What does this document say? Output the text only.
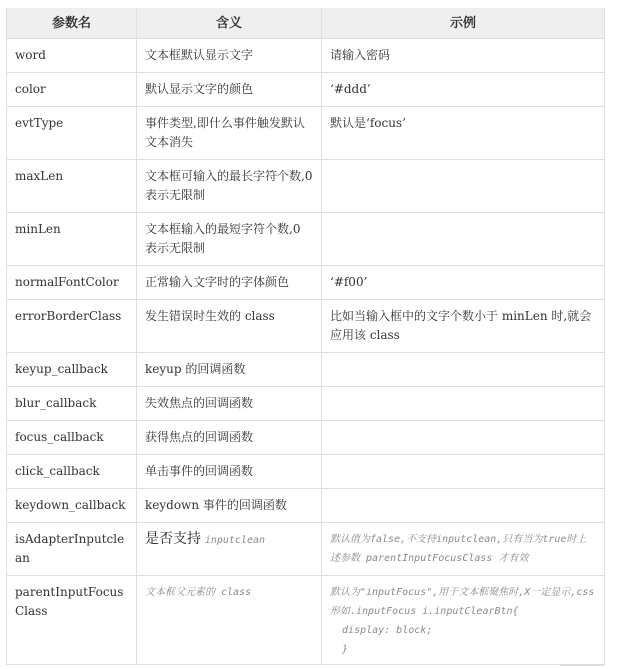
参数名	含义	示例
word	文本框默认显示文字	请输入密码
color	默认显示文字的颜色	‘#ddd’
evtType	事件类型,即什么事件触发默认文本消失	默认是‘focus’
maxLen	文本框可输入的最长字符个数,0 表示无限制	
minLen	文本框输入的最短字符个数,0 表示无限制	
normalFontColor	正常输入文字时的字体颜色	‘#f00’
errorBorderClass	发生错误时生效的 class	比如当输入框中的文字个数小于 minLen 时,就会应用该 class
keyup_callback	keyup 的回调函数	
blur_callback	失效焦点的回调函数	
focus_callback	获得焦点的回调函数	
click_callback	单击事件的回调函数	
keydown_callback	keydown 事件的回调函数	
isAdapterInputclean	是否支持 inputclean	默认值为false,不支持inputclean,只有当为true时上述参数 parentInputFocusClass 才有效
parentInputFocusClass	文本框父元素的 class	默认为"inputFocus",用于文本框聚焦时,X一定显示,css形如.inputFocus i.inputClearBtn{
display: block;
}
